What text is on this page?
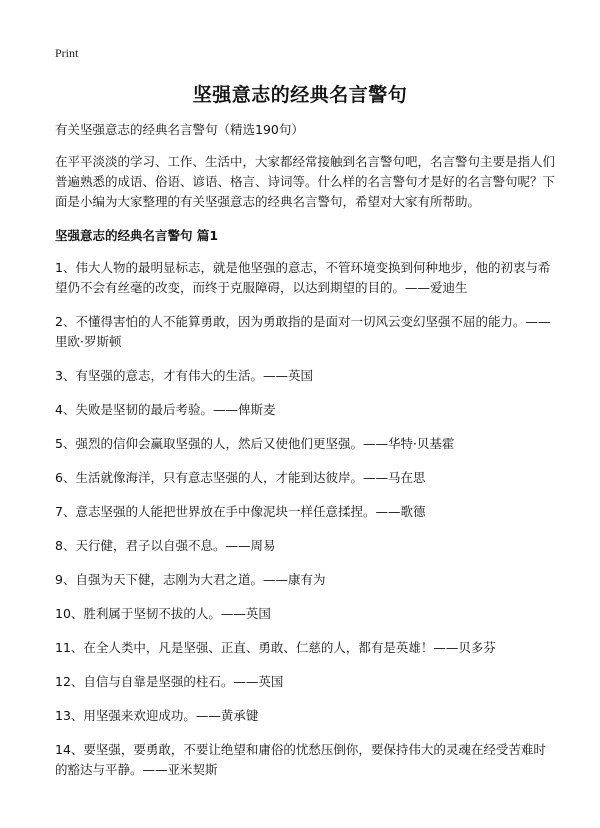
Print
坚强意志的经典名言警句

有关坚强意志的经典名言警句（精选190句）

在平平淡淡的学习、工作、生活中，大家都经常接触到名言警句吧，名言警句主要是指人们普遍熟悉的成语、俗语、谚语、格言、诗词等。什么样的名言警句才是好的名言警句呢？下面是小编为大家整理的有关坚强意志的经典名言警句，希望对大家有所帮助。

坚强意志的经典名言警句 篇1

1、伟大人物的最明显标志，就是他坚强的意志，不管环境变换到何种地步，他的初衷与希望仍不会有丝毫的改变，而终于克服障碍，以达到期望的目的。——爱迪生

2、不懂得害怕的人不能算勇敢，因为勇敢指的是面对一切风云变幻坚强不屈的能力。——里欧·罗斯顿

3、有坚强的意志，才有伟大的生活。——英国

4、失败是坚韧的最后考验。——俾斯麦

5、强烈的信仰会赢取坚强的人，然后又使他们更坚强。——华特·贝基霍

6、生活就像海洋，只有意志坚强的人，才能到达彼岸。——马在思

7、意志坚强的人能把世界放在手中像泥块一样任意揉捏。——歌德

8、天行健，君子以自强不息。——周易

9、自强为天下健，志刚为大君之道。——康有为

10、胜利属于坚韧不拔的人。——英国

11、在全人类中，凡是坚强、正直、勇敢、仁慈的人，都有是英雄！——贝多芬

12、自信与自靠是坚强的柱石。——英国

13、用坚强来欢迎成功。——黄承键

14、要坚强，要勇敢，不要让绝望和庸俗的忧愁压倒你，要保持伟大的灵魂在经受苦难时的豁达与平静。——亚米契斯
